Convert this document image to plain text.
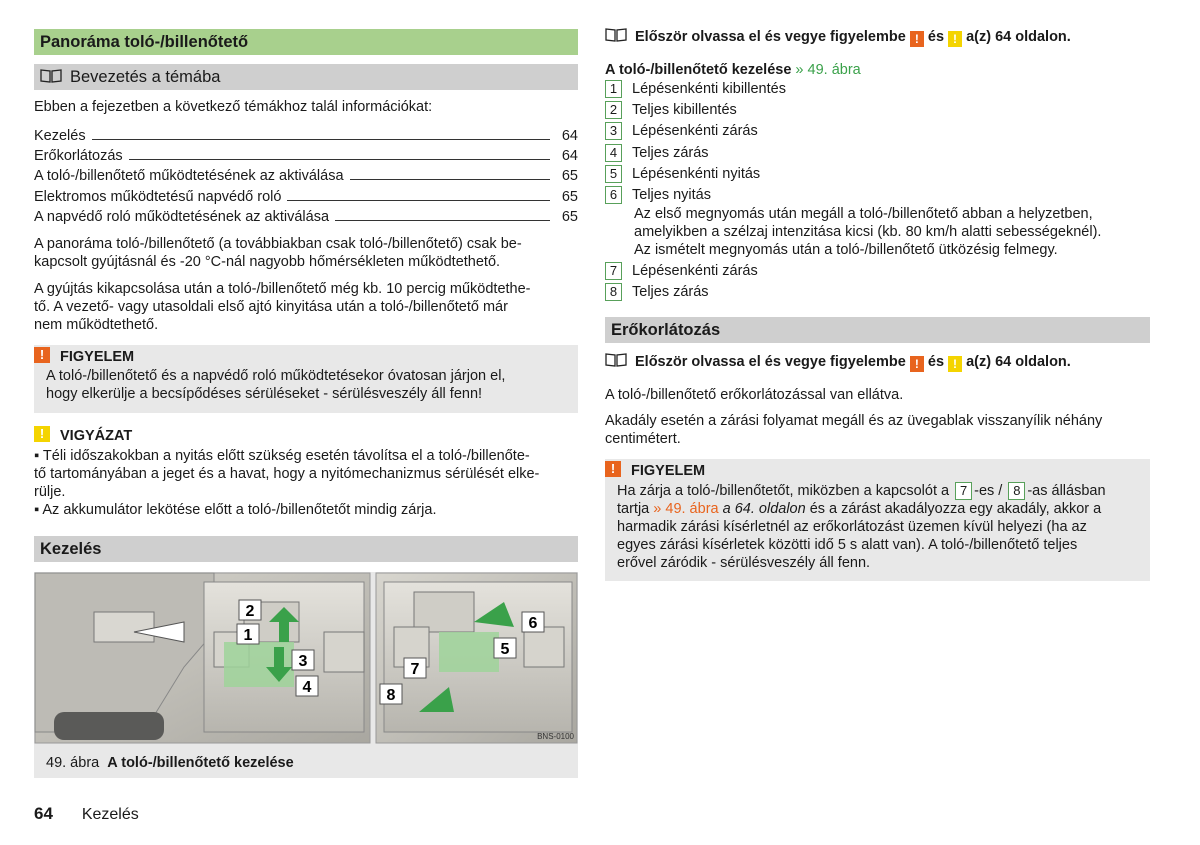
Panoráma toló-/billenőtető
Bevezetés a témába

Ebben a fejezetben a következő témákhoz talál információkat:

Kezelés	64
Erőkorlátozás	64
A toló-/billenőtető működtetésének az aktiválása	65
Elektromos működtetésű napvédő roló	65
A napvédő roló működtetésének az aktiválása	65

A panoráma toló-/billenőtető (a továbbiakban csak toló-/billenőtető) csak be-

kapcsolt gyújtásnál és -20 °C-nál nagyobb hőmérsékleten működtethető.

A gyújtás kikapcsolása után a toló-/billenőtető még kb. 10 percig működtethe-

tő. A vezető- vagy utasoldali első ajtó kinyitása után a toló-/billenőtető már

nem működtethető.

!	FIGYELEM

A toló-/billenőtető és a napvédő roló működtetésekor óvatosan járjon el,

hogy elkerülje a becsípődéses sérüléseket - sérülésveszély áll fenn!

!	VIGYÁZAT

▪ Téli időszakokban a nyitás előtt szükség esetén távolítsa el a toló-/billenőte-

tő tartományában a jeget és a havat, hogy a nyitómechanizmus sérülését elke-

rülje.

▪ Az akkumulátor lekötése előtt a toló-/billenőtetőt mindig zárja.

Kezelés
2
1
3
4
6
5
7
8
BNS-0100
49. ábra A toló-/billenőtető kezelése
Először olvassa el és vegye figyelembe ! és ! a(z) 64 oldalon.

A toló-/billenőtető kezelése » 49. ábra

1 Lépésenkénti kibillentés
2 Teljes kibillentés
3 Lépésenkénti zárás
4 Teljes zárás
5 Lépésenkénti nyitás
6 Teljes nyitás

Az első megnyomás után megáll a toló-/billenőtető abban a helyzetben,

amelyikben a szélzaj intenzitása kicsi (kb. 80 km/h alatti sebességeknél).

Az ismételt megnyomás után a toló-/billenőtető ütközésig felmegy.

7 Lépésenkénti zárás
8 Teljes zárás
Erőkorlátozás
Először olvassa el és vegye figyelembe ! és ! a(z) 64 oldalon.

A toló-/billenőtető erőkorlátozással van ellátva.

Akadály esetén a zárási folyamat megáll és az üvegablak visszanyílik néhány

centimétert.

!	FIGYELEM

Ha zárja a toló-/billenőtetőt, miközben a kapcsolót a 7 -es / 8 -as állásban

tartja » 49. ábra a 64. oldalon és a zárást akadályozza egy akadály, akkor a

harmadik zárási kísérletnél az erőkorlátozást üzemen kívül helyezi (ha az

egyes zárási kísérletek közötti idő 5 s alatt van). A toló-/billenőtető teljes

erővel záródik - sérülésveszély áll fenn.

64 Kezelés
